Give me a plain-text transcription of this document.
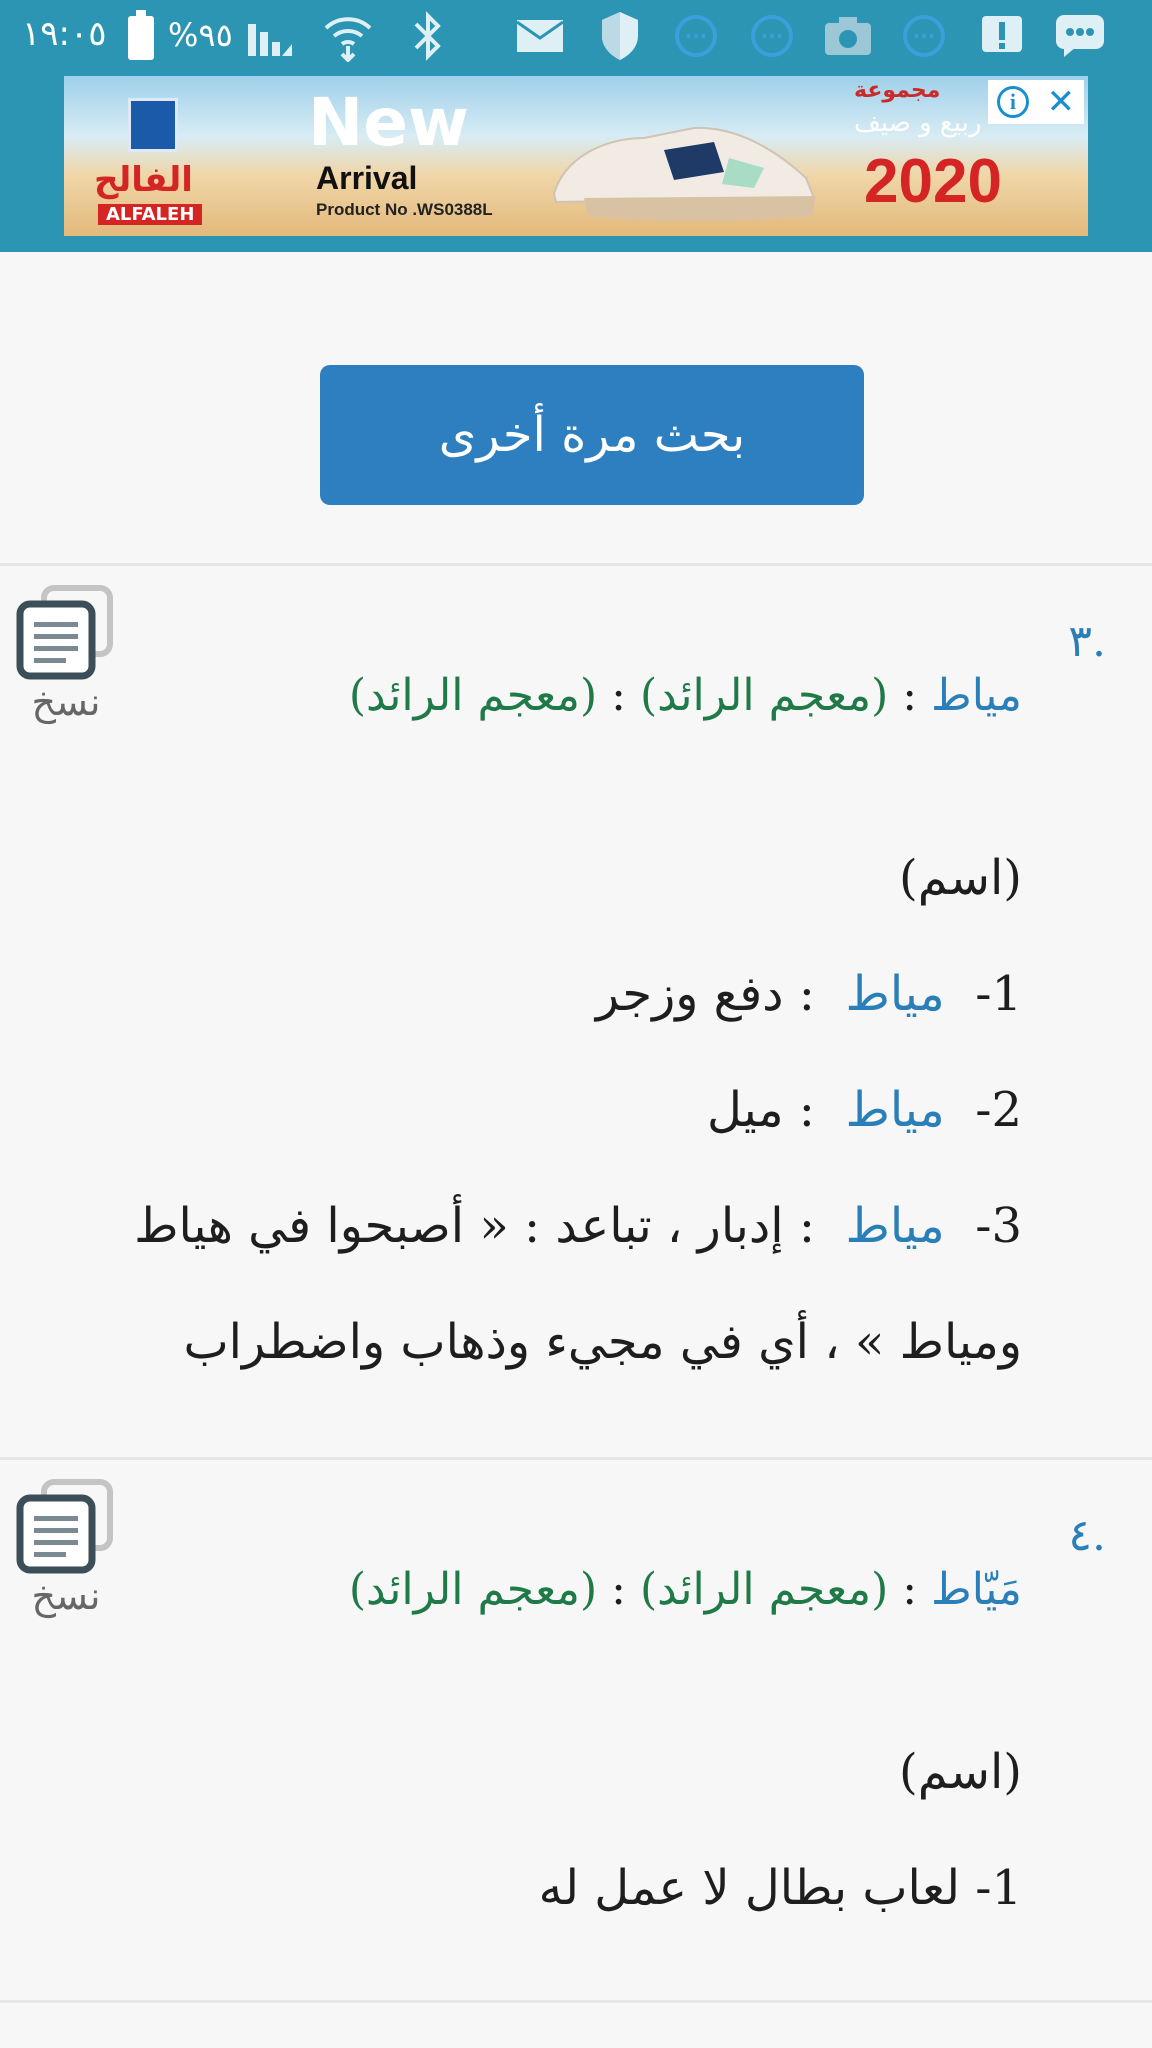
١٩:٠٥ %٩٥	···	···	···
الفالح
ALFALEH
New
Arrival
Product No .WS0388L
مجموعة
ربيع و صيف
2020
i ✕
بحث مرة أخرى
.٣
مياط : (معجم الرائد) : (معجم الرائد)
نسخ

(اسم)

1-  مياط  : دفع وزجر

2-  مياط  : ميل

3-  مياط  : إدبار ، تباعد : « أصبحوا في هياط ومياط » ، أي في مجيء وذهاب واضطراب

.٤
مَيّاط : (معجم الرائد) : (معجم الرائد)
نسخ

(اسم)

1- لعاب بطال لا عمل له
